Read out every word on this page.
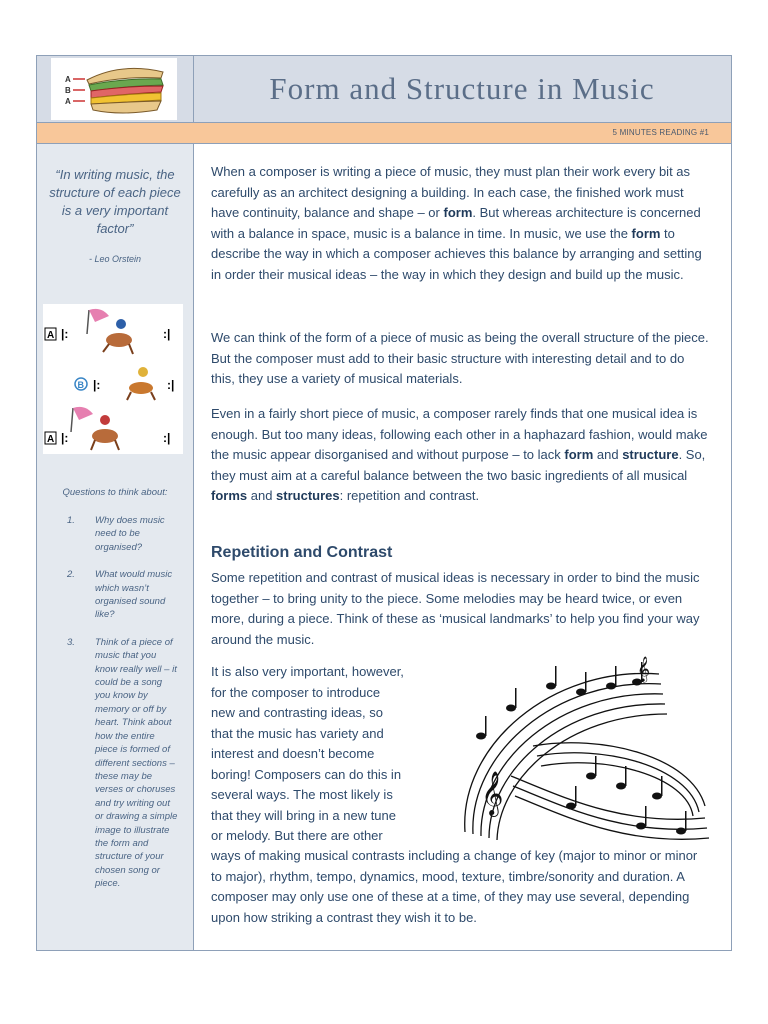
A
B
A	Form and Structure in Music
5 MINUTES READING #1
“In writing music, the structure of each piece is a very important factor”
- Leo Orstein
A |:	:|
B |:	:|
A |:	:|
Questions to think about:
1. Why does music need to be organised?
2. What would music which wasn’t organised sound like?
3. Think of a piece of music that you know really well – it could be a song you know by memory or off by heart. Think about how the entire piece is formed of different sections – these may be verses or choruses and try writing out or drawing a simple image to illustrate the form and structure of your chosen song or piece.

When a composer is writing a piece of music, they must plan their work every bit as carefully as an architect designing a building. In each case, the finished work must have continuity, balance and shape – or form. But whereas architecture is concerned with a balance in space, music is a balance in time. In music, we use the form to describe the way in which a composer achieves this balance by arranging and setting in order their musical ideas – the way in which they design and build up the music.

We can think of the form of a piece of music as being the overall structure of the piece. But the composer must add to their basic structure with interesting detail and to do this, they use a variety of musical materials.

Even in a fairly short piece of music, a composer rarely finds that one musical idea is enough. But too many ideas, following each other in a haphazard fashion, would make the music appear disorganised and without purpose – to lack form and structure. So, they must aim at a careful balance between the two basic ingredients of all musical forms and structures: repetition and contrast.

Repetition and Contrast

Some repetition and contrast of musical ideas is necessary in order to bind the music together – to bring unity to the piece. Some melodies may be heard twice, or even more, during a piece. Think of these as ‘musical landmarks’ to help you find your way around the music.

It is also very important, however,
for the composer to introduce
new and contrasting ideas, so
that the music has variety and
interest and doesn’t become
boring! Composers can do this in
several ways. The most likely is
that they will bring in a new tune
or melody. But there are other

ways of making musical contrasts including a change of key (major to minor or minor to major), rhythm, tempo, dynamics, mood, texture, timbre/sonority and duration. A composer may only use one of these at a time, of they may use several, depending upon how striking a contrast they wish it to be.

𝄞
𝄞
